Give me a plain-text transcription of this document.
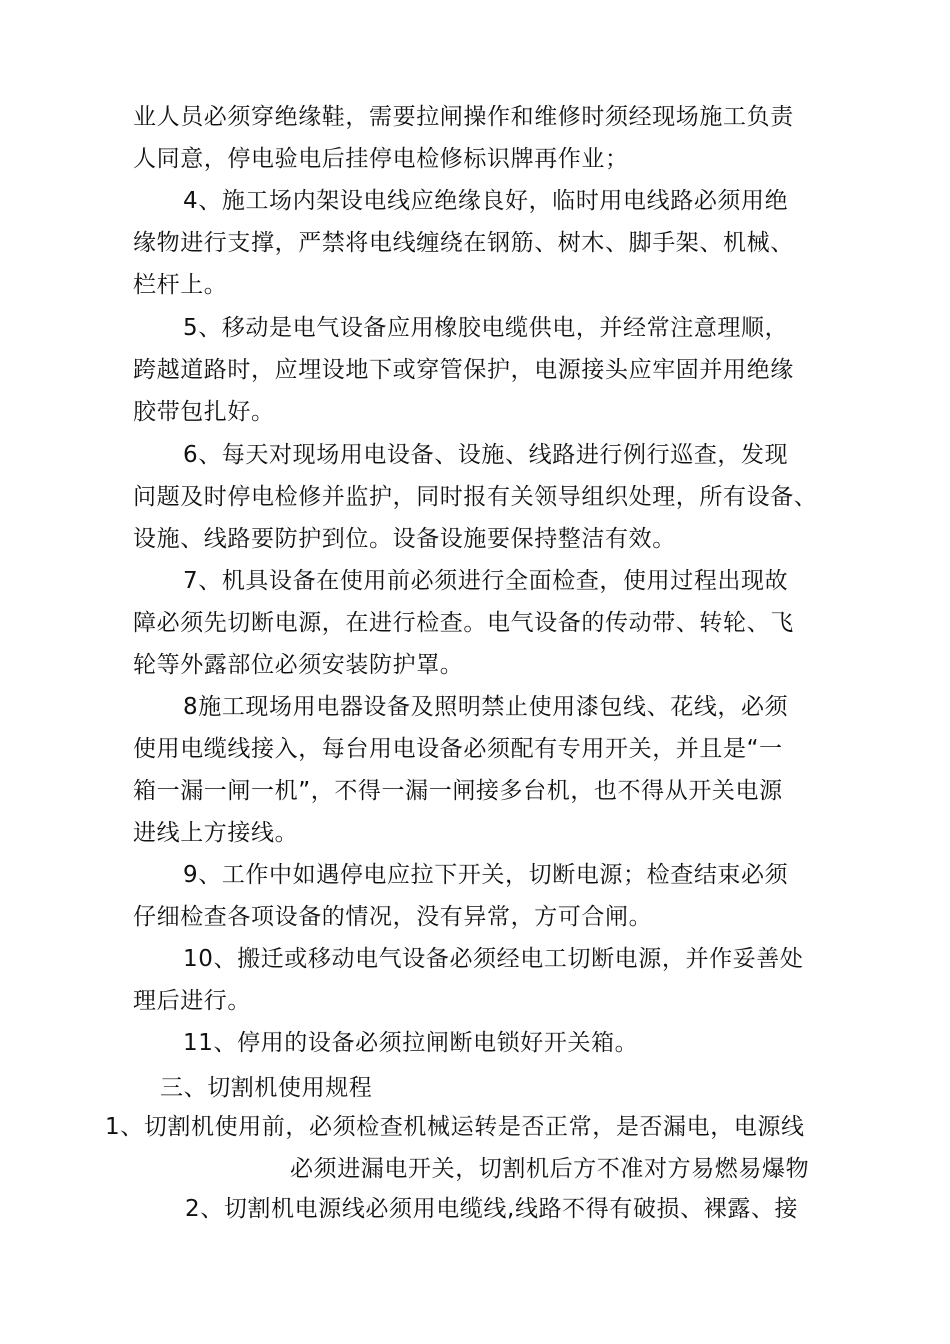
业人员必须穿绝缘鞋，需要拉闸操作和维修时须经现场施工负责
人同意，停电验电后挂停电检修标识牌再作业；
4、施工场内架设电线应绝缘良好，临时用电线路必须用绝
缘物进行支撑，严禁将电线缠绕在钢筋、树木、脚手架、机械、
栏杆上。
5、移动是电气设备应用橡胶电缆供电，并经常注意理顺，
跨越道路时，应埋设地下或穿管保护，电源接头应牢固并用绝缘
胶带包扎好。
6、每天对现场用电设备、设施、线路进行例行巡查，发现
问题及时停电检修并监护，同时报有关领导组织处理，所有设备、
设施、线路要防护到位。设备设施要保持整洁有效。
7、机具设备在使用前必须进行全面检查，使用过程出现故
障必须先切断电源，在进行检查。电气设备的传动带、转轮、飞
轮等外露部位必须安装防护罩。
8施工现场用电器设备及照明禁止使用漆包线、花线，必须
使用电缆线接入，每台用电设备必须配有专用开关，并且是“一
箱一漏一闸一机”，不得一漏一闸接多台机，也不得从开关电源
进线上方接线。
9、工作中如遇停电应拉下开关，切断电源；检查结束必须
仔细检查各项设备的情况，没有异常，方可合闸。
10、搬迁或移动电气设备必须经电工切断电源，并作妥善处
理后进行。
11、停用的设备必须拉闸断电锁好开关箱。
三、切割机使用规程
1、切割机使用前，必须检查机械运转是否正常，是否漏电，电源线
必须进漏电开关，切割机后方不准对方易燃易爆物
2、切割机电源线必须用电缆线,线路不得有破损、裸露、接
